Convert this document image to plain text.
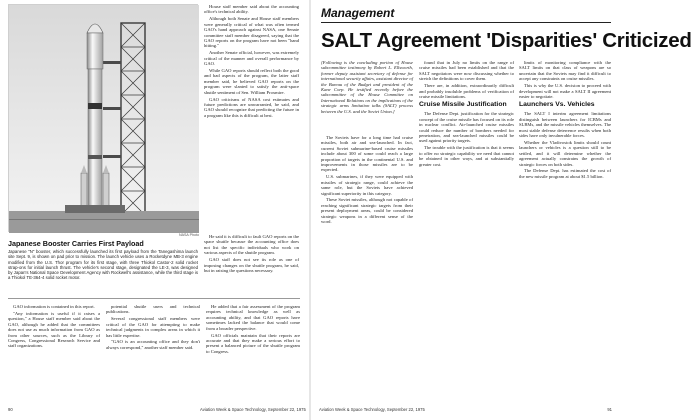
House staff member said about the accounting office's technical ability.

Although both Senate and House staff members were generally critical of what was often termed GAO's hand approach against NASA, one Senate committee staff member disagreed, saying that the GAO reports on the program have not been "hand hitting."

Another Senate official, however, was extremely critical of the manner and overall performance by GAO.

While GAO reports should reflect both the good and bad aspects of the program, the latter staff member said, he believed GAO reports on the program were slanted to satisfy the anti-space shuttle sentiment of Sen. William Proxmire.

GAO criticisms of NASA cost estimates and future predictions are unwarranted, he said, and GAO should recognize that predicting the future in a program like this is difficult at best.

NASA Photo
Japanese Booster Carries First Payload
Japanese "N" booster, which successfully launched its first payload from the Tanegashima launch site Sept. 9, is shown on pad prior to mission. The launch vehicle uses a Rocketdyne MB-3 engine modified from the U.S. Thor program for its first stage, with three Thiokol Castor-2 solid rocket strap-ons for initial launch thrust. The vehicle's second stage, designated the LE-3, was designed by Japan's National Space Development Agency with Rockwell's assistance, while the third stage is a Thiokol TE-364-4 solid rocket motor.

He said it is difficult to fault GAO reports on the space shuttle because the accounting office does not list the specific individuals who work on various aspects of the shuttle program.

GAO staff does not see its role as one of imposing changes on the shuttle program, he said, but in raising the questions necessary.

GAO information is contained in this report.

"Any information is useful if it raises a question," a House staff member said about the GAO, although he added that the committees does not use as much information from GAO as from other sources, such as the Library of Congress, Congressional Research Service and staff organizations.

potential shuttle users and technical publications.

Several congressional staff members were critical of the GAO for attempting to make technical judgments in complex areas in which it has little expertise.

"GAO is an accounting office and they don't always correspond," another staff member said.

He added that a fair assessment of the program requires technical knowledge as well as accounting ability, and that GAO reports have sometimes lacked the balance that would come from a broader perspective.

GAO officials maintain that their reports are accurate and that they make a serious effort to present a balanced picture of the shuttle program to Congress.

90	Aviation Week & Space Technology, September 22, 1975
Management
SALT Agreement 'Disparities' Criticized
[Following is the concluding portion of House subcommittee testimony by Robert L. Ellsworth, former deputy assistant secretary of defense for international security affairs, assistant director of the Bureau of the Budget and president of the Kane Corp. He testified recently before the subcommittee of the House Committee on International Relations on the implications of the strategic arms limitation talks (SALT) process between the U.S. and the Soviet Union.]

The Soviets have for a long time had cruise missiles, both air and sea-launched. In fact, current Soviet submarine-based cruise missiles include about 300 of some could reach a large proportion of targets in the continental U.S. and improvements in those missiles are to be expected.

U.S. submarines, if they were equipped with missiles of strategic range, could achieve the same role, but the Soviets have achieved significant superiority in this category.

These Soviet missiles, although not capable of reaching significant strategic targets from their present deployment areas, could be considered strategic weapons in a different sense of the word.

found that in July no limits on the range of cruise missiles had been established and that the SALT negotiators were now discussing whether to stretch the definitions to cover them.

There are, in addition, extraordinarily difficult and probably insoluble problems of verification of cruise missile limitations.

Cruise Missile Justification

The Defense Dept. justification for the strategic concept of the cruise missile has focused on its role in nuclear conflict. Air-launched cruise missiles could reduce the number of bombers needed for penetration, and sea-launched missiles could be used against priority targets.

The trouble with the justification is that it seems to offer no strategic capability we need that cannot be obtained in other ways, and at substantially greater cost.

limits of monitoring compliance with the SALT limits on that class of weapons are so uncertain that the Soviets may find it difficult to accept any constraints on cruise missiles.

This is why the U.S. decision to proceed with development will not make a SALT II agreement easier to negotiate.

Launchers Vs. Vehicles

The SALT I interim agreement limitations distinguish between launchers for ICBMs and SLBMs, and the missile vehicles themselves. The most stable defense deterrence results when both sides have only invulnerable forces.

Whether the Vladivostok limits should count launchers or vehicles is a question still to be settled, and it will determine whether the agreement actually constrains the growth of strategic forces on both sides.

The Defense Dept. has estimated the cost of the new missile program at about $1.5 billion.

Aviation Week & Space Technology, September 22, 1975	91
